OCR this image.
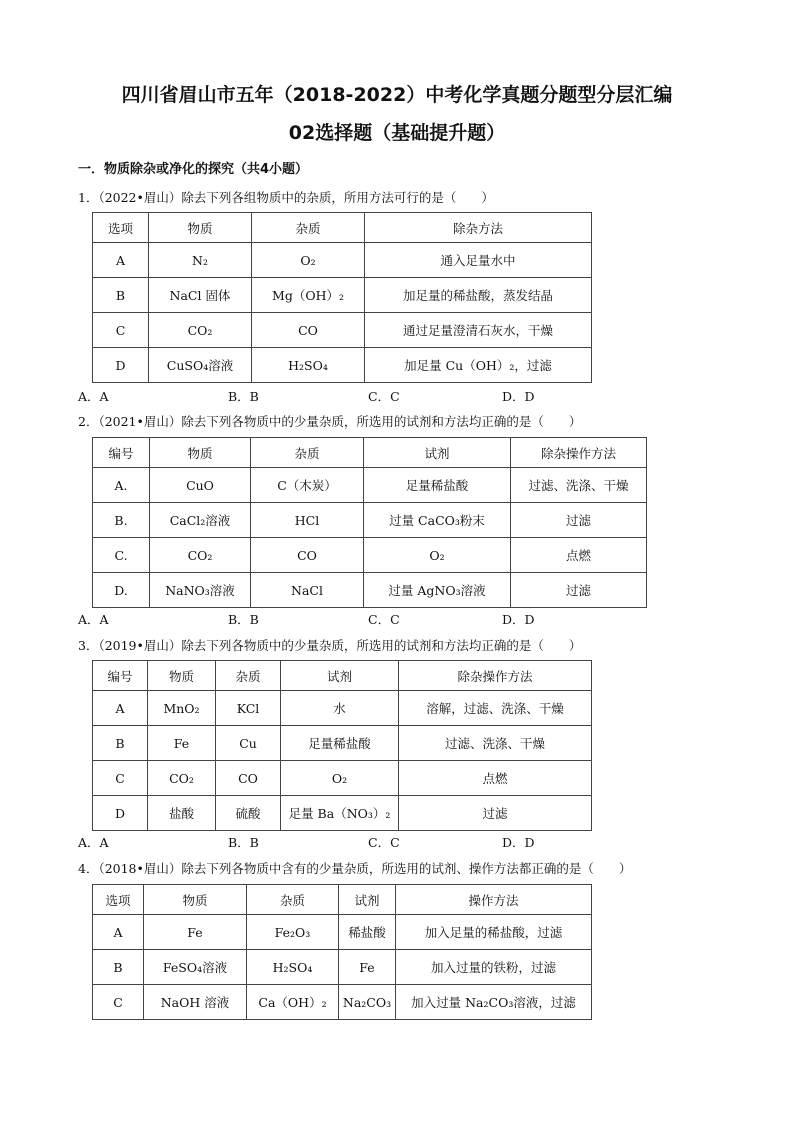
四川省眉山市五年（2018-2022）中考化学真题分题型分层汇编
02选择题（基础提升题）
一．物质除杂或净化的探究（共4小题）
1．（2022•眉山）除去下列各组物质中的杂质，所用方法可行的是（　　）
选项	物质	杂质	除杂方法
A	N₂	O₂	通入足量水中
B	NaCl 固体	Mg（OH）₂	加足量的稀盐酸，蒸发结晶
C	CO₂	CO	通过足量澄清石灰水，干燥
D	CuSO₄溶液	H₂SO₄	加足量 Cu（OH）₂，过滤
A．A	B．B	C．C	D．D
2．（2021•眉山）除去下列各物质中的少量杂质，所选用的试剂和方法均正确的是（　　）
编号	物质	杂质	试剂	除杂操作方法
A.	CuO	C（木炭）	足量稀盐酸	过滤、洗涤、干燥
B.	CaCl₂溶液	HCl	过量 CaCO₃粉末	过滤
C.	CO₂	CO	O₂	点燃
D.	NaNO₃溶液	NaCl	过量 AgNO₃溶液	过滤
A．A	B．B	C．C	D．D
3．（2019•眉山）除去下列各物质中的少量杂质，所选用的试剂和方法均正确的是（　　）
编号	物质	杂质	试剂	除杂操作方法
A	MnO₂	KCl	水	溶解，过滤、洗涤、干燥
B	Fe	Cu	足量稀盐酸	过滤、洗涤、干燥
C	CO₂	CO	O₂	点燃
D	盐酸	硫酸	足量 Ba（NO₃）₂	过滤
A．A	B．B	C．C	D．D
4．（2018•眉山）除去下列各物质中含有的少量杂质，所选用的试剂、操作方法都正确的是（　　）
选项	物质	杂质	试剂	操作方法
A	Fe	Fe₂O₃	稀盐酸	加入足量的稀盐酸，过滤
B	FeSO₄溶液	H₂SO₄	Fe	加入过量的铁粉，过滤
C	NaOH 溶液	Ca（OH）₂	Na₂CO₃	加入过量 Na₂CO₃溶液，过滤
